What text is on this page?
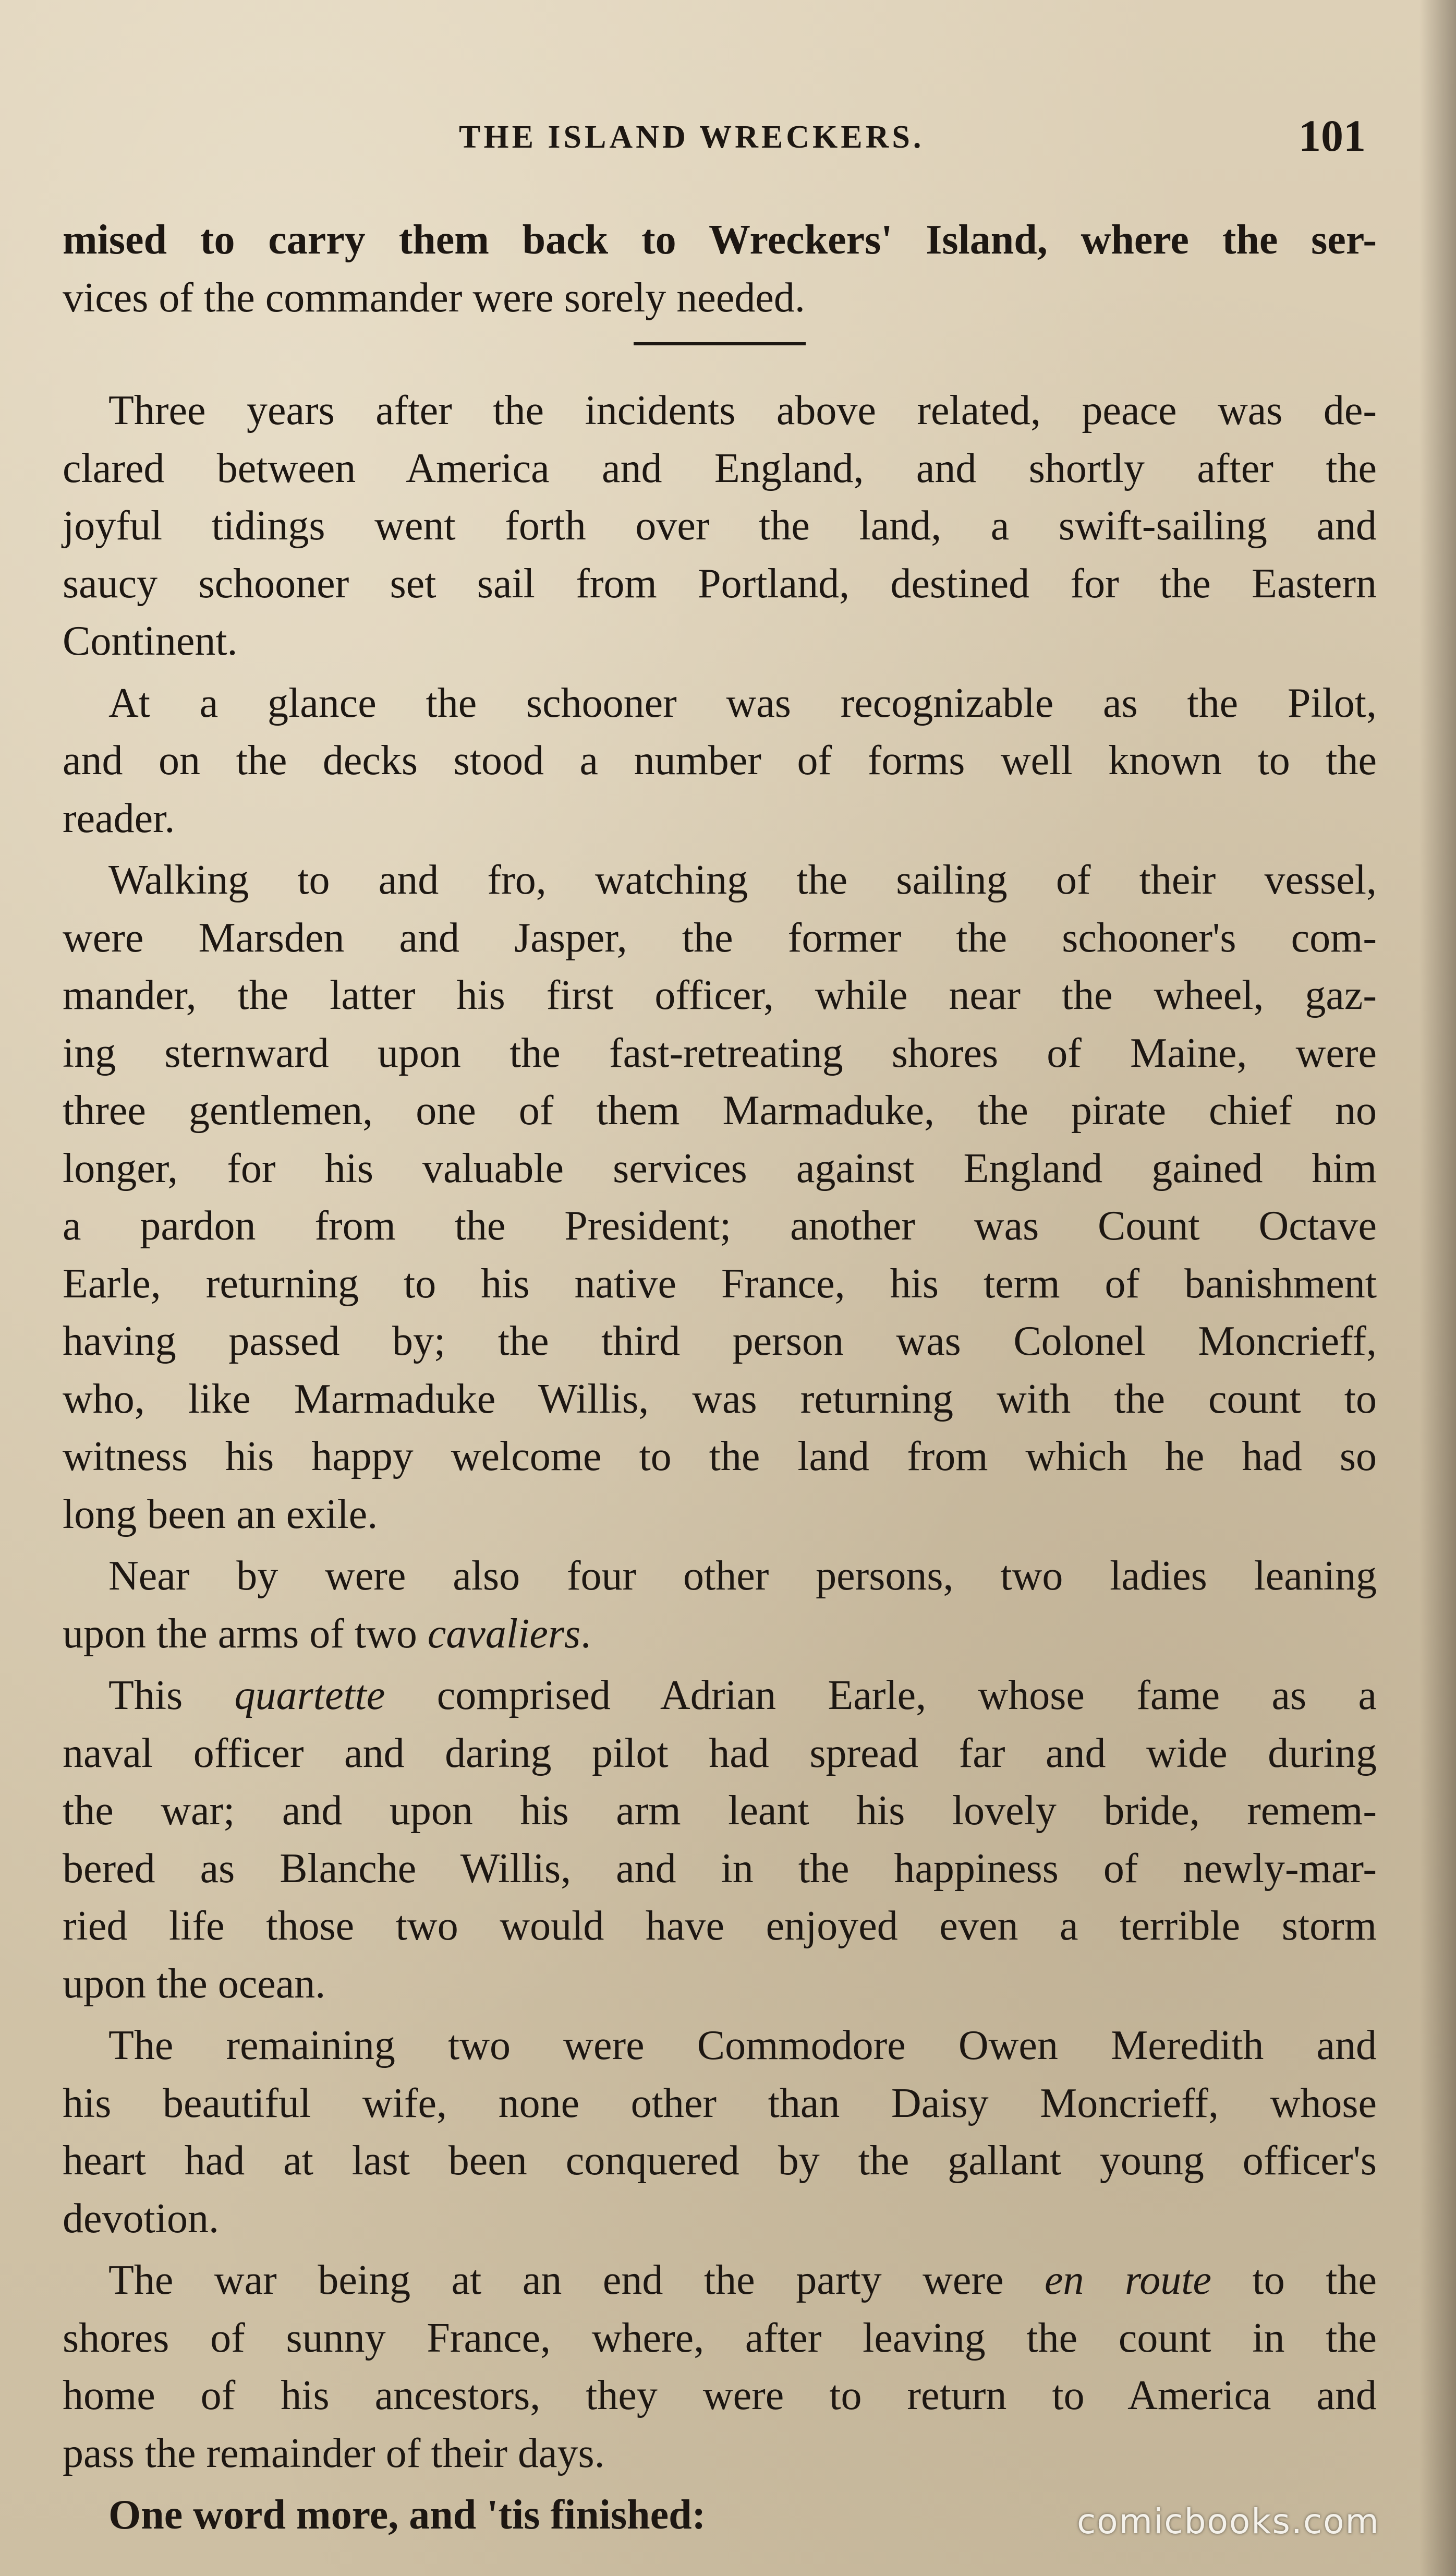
THE ISLAND WRECKERS.	101
mised to carry them back to Wreckers' Island, where the ser-
vices of the commander were sorely needed.
Three years after the incidents above related, peace was de-
clared between America and England, and shortly after the
joyful tidings went forth over the land, a swift-sailing and
saucy schooner set sail from Portland, destined for the Eastern
Continent.
At a glance the schooner was recognizable as the Pilot,
and on the decks stood a number of forms well known to the
reader.
Walking to and fro, watching the sailing of their vessel,
were Marsden and Jasper, the former the schooner's com-
mander, the latter his first officer, while near the wheel, gaz-
ing sternward upon the fast-retreating shores of Maine, were
three gentlemen, one of them Marmaduke, the pirate chief no
longer, for his valuable services against England gained him
a pardon from the President; another was Count Octave
Earle, returning to his native France, his term of banishment
having passed by; the third person was Colonel Moncrieff,
who, like Marmaduke Willis, was returning with the count to
witness his happy welcome to the land from which he had so
long been an exile.
Near by were also four other persons, two ladies leaning
upon the arms of two cavaliers.
This quartette comprised Adrian Earle, whose fame as a
naval officer and daring pilot had spread far and wide during
the war; and upon his arm leant his lovely bride, remem-
bered as Blanche Willis, and in the happiness of newly-mar-
ried life those two would have enjoyed even a terrible storm
upon the ocean.
The remaining two were Commodore Owen Meredith and
his beautiful wife, none other than Daisy Moncrieff, whose
heart had at last been conquered by the gallant young officer's
devotion.
The war being at an end the party were en route to the
shores of sunny France, where, after leaving the count in the
home of his ancestors, they were to return to America and
pass the remainder of their days.
One word more, and 'tis finished:	comicbooks.com
